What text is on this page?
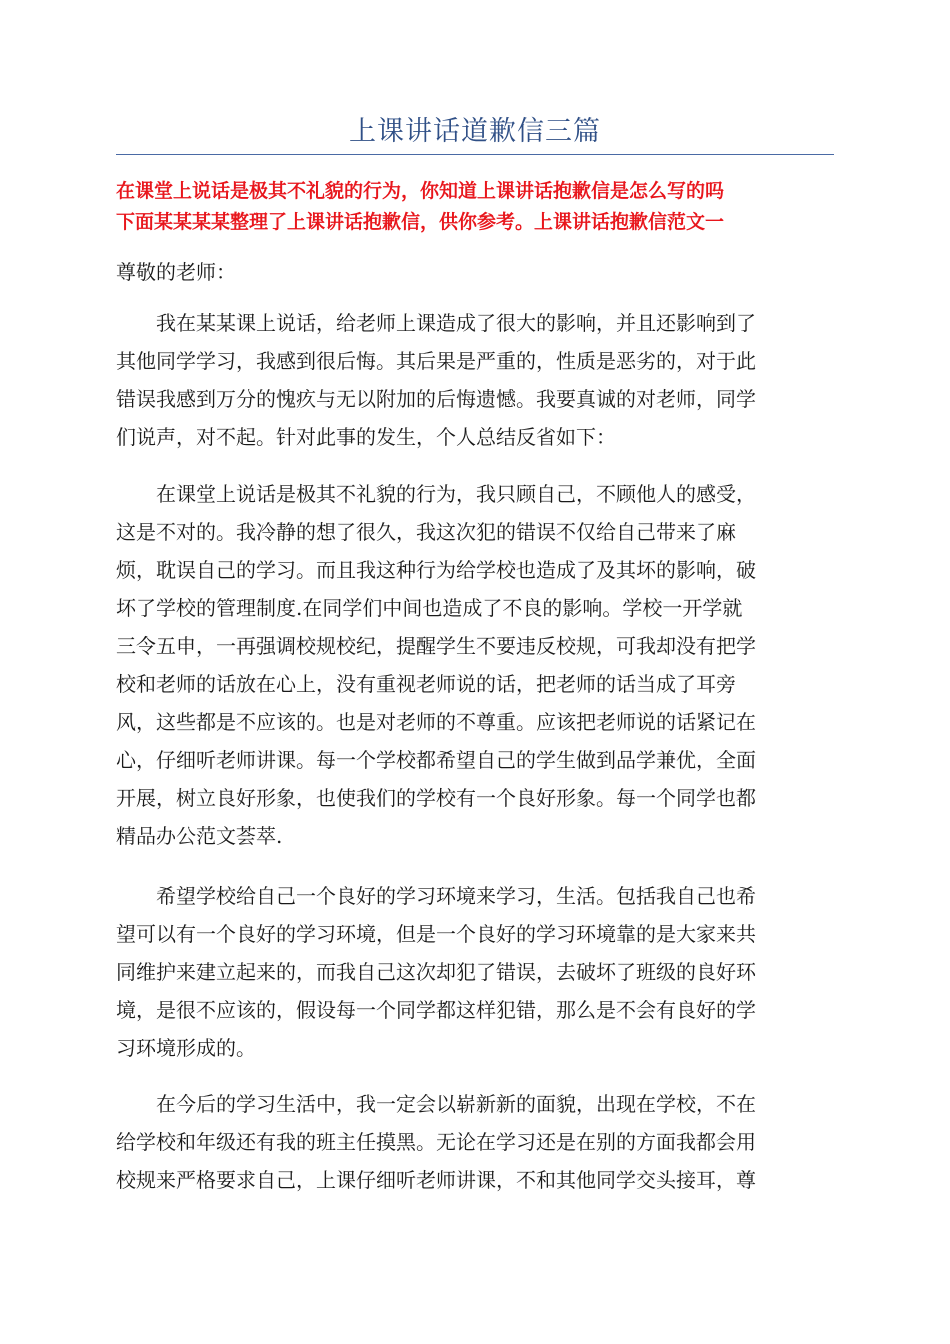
上课讲话道歉信三篇
在课堂上说话是极其不礼貌的行为，你知道上课讲话抱歉信是怎么写的吗
下面某某某某整理了上课讲话抱歉信，供你参考。上课讲话抱歉信范文一
尊敬的老师：
　　我在某某课上说话，给老师上课造成了很大的影响，并且还影响到了
其他同学学习，我感到很后悔。其后果是严重的，性质是恶劣的，对于此
错误我感到万分的愧疚与无以附加的后悔遗憾。我要真诚的对老师，同学
们说声，对不起。针对此事的发生，个人总结反省如下：
　　在课堂上说话是极其不礼貌的行为，我只顾自己，不顾他人的感受，
这是不对的。我冷静的想了很久，我这次犯的错误不仅给自己带来了麻
烦，耽误自己的学习。而且我这种行为给学校也造成了及其坏的影响，破
坏了学校的管理制度.在同学们中间也造成了不良的影响。学校一开学就
三令五申，一再强调校规校纪，提醒学生不要违反校规，可我却没有把学
校和老师的话放在心上，没有重视老师说的话，把老师的话当成了耳旁
风，这些都是不应该的。也是对老师的不尊重。应该把老师说的话紧记在
心，仔细听老师讲课。每一个学校都希望自己的学生做到品学兼优，全面
开展，树立良好形象，也使我们的学校有一个良好形象。每一个同学也都
精品办公范文荟萃.
　　希望学校给自己一个良好的学习环境来学习，生活。包括我自己也希
望可以有一个良好的学习环境，但是一个良好的学习环境靠的是大家来共
同维护来建立起来的，而我自己这次却犯了错误，去破坏了班级的良好环
境，是很不应该的，假设每一个同学都这样犯错，那么是不会有良好的学
习环境形成的。
　　在今后的学习生活中，我一定会以崭新新的面貌，出现在学校，不在
给学校和年级还有我的班主任摸黑。无论在学习还是在别的方面我都会用
校规来严格要求自己，上课仔细听老师讲课，不和其他同学交头接耳，尊
